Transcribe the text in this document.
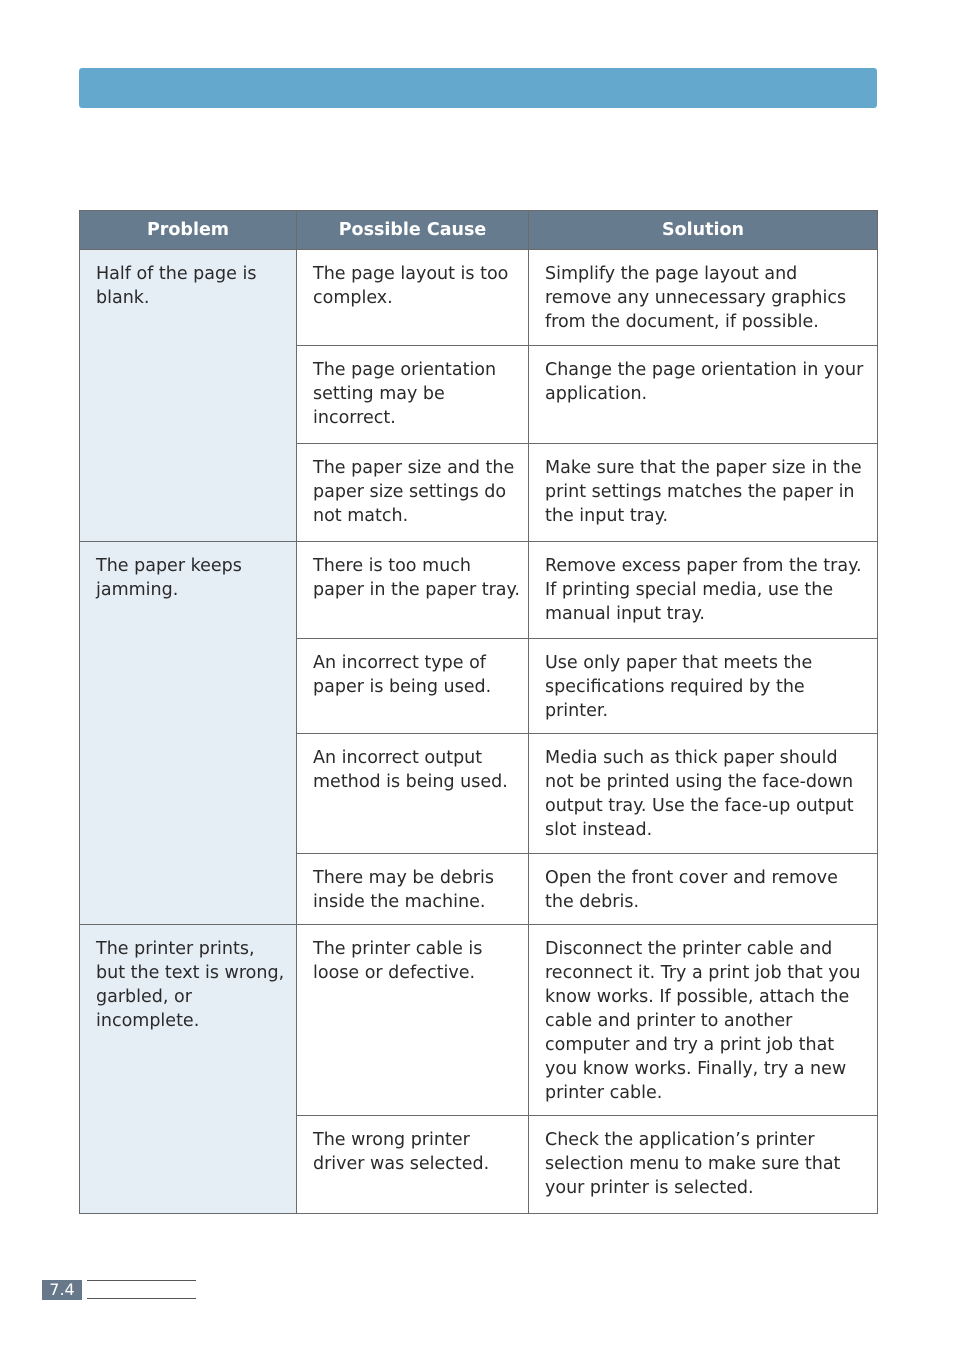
Problem	Possible Cause	Solution
Half of the page is blank.	The page layout is too complex.	Simplify the page layout and remove any unnecessary graphics from the document, if possible.
	The page orientation setting may be incorrect.	Change the page orientation in your application.
	The paper size and the paper size settings do not match.	Make sure that the paper size in the print settings matches the paper in the input tray.
The paper keeps jamming.	There is too much paper in the paper tray.	Remove excess paper from the tray. If printing special media, use the manual input tray.
	An incorrect type of paper is being used.	Use only paper that meets the specifications required by the printer.
	An incorrect output method is being used.	Media such as thick paper should not be printed using the face-down output tray. Use the face-up output slot instead.
	There may be debris inside the machine.	Open the front cover and remove the debris.
The printer prints, but the text is wrong, garbled, or incomplete.	The printer cable is loose or defective.	Disconnect the printer cable and reconnect it. Try a print job that you know works. If possible, attach the cable and printer to another computer and try a print job that you know works. Finally, try a new printer cable.
	The wrong printer driver was selected.	Check the application’s printer selection menu to make sure that your printer is selected.
7.4
